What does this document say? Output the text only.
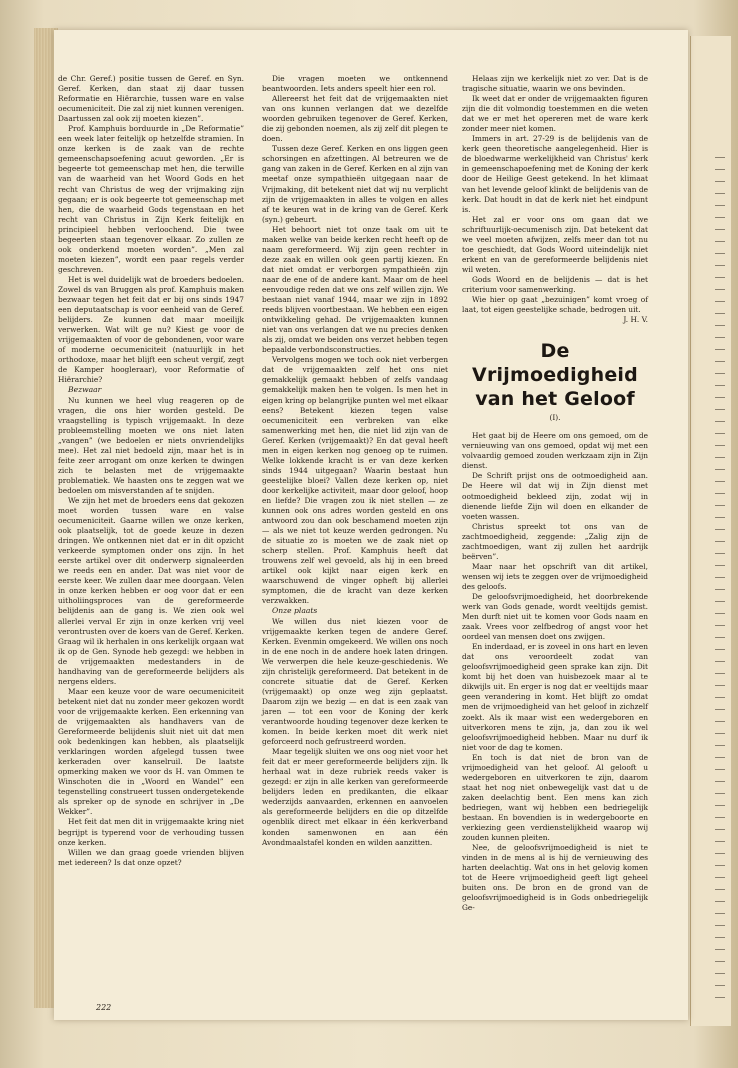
de Chr. Geref.) positie tussen de Geref. en Syn. Geref. Kerken, dan staat zij daar tussen Reformatie en Hiërarchie, tussen ware en valse oecumeniciteit. Die zal zij niet kunnen verenigen. Daartussen zal ook zij moeten kiezen”.

Prof. Kamphuis borduurde in „De Reformatie” een week later feitelijk op hetzelfde stramien. In onze kerken is de zaak van de rechte gemeenschapsoefening acuut geworden. „Er is begeerte tot gemeenschap met hen, die terwille van de waarheid van het Woord Gods en het recht van Christus de weg der vrijmaking zijn gegaan; er is ook begeerte tot gemeenschap met hen, die de waarheid Gods tegenstaan en het recht van Christus in Zijn Kerk feitelijk en principieel hebben verloochend. Die twee begeerten staan tegenover elkaar. Zo zullen ze ook onderkend moeten worden”. „Men zal moeten kiezen”, wordt een paar regels verder geschreven.

Het is wel duidelijk wat de broeders bedoelen. Zowel ds van Bruggen als prof. Kamphuis maken bezwaar tegen het feit dat er bij ons sinds 1947 een deputaatschap is voor eenheid van de Geref. belijders. Ze kunnen dat maar moeilijk verwerken. Wat wilt ge nu? Kiest ge voor de vrijgemaakten of voor de gebondenen, voor ware of moderne oecumeniciteit (natuurlijk in het orthodoxe, maar het blijft een scheut vergif, zegt de Kamper hoogleraar), voor Reformatie of Hiërarchie?

Bezwaar

Nu kunnen we heel vlug reageren op de vragen, die ons hier worden gesteld. De vraagstelling is typisch vrijgemaakt. In deze probleemstelling moeten we ons niet laten „vangen” (we bedoelen er niets onvriendelijks mee). Het zal niet bedoeld zijn, maar het is in feite zeer arrogant om onze kerken te dwingen zich te belasten met de vrijgemaakte problematiek. We haasten ons te zeggen wat we bedoelen om misverstanden af te snijden.

We zijn het met de broeders eens dat gekozen moet worden tussen ware en valse oecumeniciteit. Gaarne willen we onze kerken, ook plaatselijk, tot de goede keuze in dezen dringen. We ontkennen niet dat er in dit opzicht verkeerde symptomen onder ons zijn. In het eerste artikel over dit onderwerp signaleerden we reeds een en ander. Dat was niet voor de eerste keer. We zullen daar mee doorgaan. Velen in onze kerken hebben er oog voor dat er een uitholiingsproces van de gereformeerde belijdenis aan de gang is. We zien ook wel allerlei verval Er zijn in onze kerken vrij veel verontrusten over de koers van de Geref. Kerken. Graag wil ik herhalen in ons kerkelijk orgaan wat ik op de Gen. Synode heb gezegd: we hebben in de vrijgemaakten medestanders in de handhaving van de gereformeerde belijders als nergens elders.

Maar een keuze voor de ware oecumeniciteit betekent niet dat nu zonder meer gekozen wordt voor de vrijgemaakte kerken. Een erkenning van de vrijgemaakten als handhavers van de Gereformeerde belijdenis sluit niet uit dat men ook bedenkingen kan hebben, als plaatselijk verklaringen worden afgelegd tussen twee kerkeraden over kanselruil. De laatste opmerking maken we voor ds H. van Ommen te Winschoten die in „Woord en Wandel” een tegenstelling construeert tussen ondergetekende als spreker op de synode en schrijver in „De Wekker”.

Het feit dat men dit in vrijgemaakte kring niet begrijpt is typerend voor de verhouding tussen onze kerken.

Willen we dan graag goede vrienden blijven met iedereen? Is dat onze opzet?

Die vragen moeten we ontkennend beantwoorden. Iets anders speelt hier een rol.

Allereerst het feit dat de vrijgemaakten niet van ons kunnen verlangen dat we dezelfde woorden gebruiken tegenover de Geref. Kerken, die zij gebonden noemen, als zij zelf dit plegen te doen.

Tussen deze Geref. Kerken en ons liggen geen schorsingen en afzettingen. Al betreuren we de gang van zaken in de Geref. Kerken en al zijn van meetaf onze sympathieën uitgegaan naar de Vrijmaking, dit betekent niet dat wij nu verplicht zijn de vrijgemaakten in alles te volgen en alles af te keuren wat in de kring van de Geref. Kerk (syn.) gebeurt.

Het behoort niet tot onze taak om uit te maken welke van beide kerken recht heeft op de naam gereformeerd. Wij zijn geen rechter in deze zaak en willen ook geen partij kiezen. En dat niet omdat er verborgen sympathieën zijn naar de ene of de andere kant. Maar om de heel eenvoudige reden dat we ons zelf willen zijn. We bestaan niet vanaf 1944, maar we zijn in 1892 reeds blijven voortbestaan. We hebben een eigen ontwikkeling gehad. De vrijgemaakten kunnen niet van ons verlangen dat we nu precies denken als zij, omdat we beiden ons verzet hebben tegen bepaalde verbondsconstructies.

Vervolgens mogen we toch ook niet verbergen dat de vrijgemaakten zelf het ons niet gemakkelijk gemaakt hebben of zelfs vandaag gemakkelijk maken hen te volgen. Is men het in eigen kring op belangrijke punten wel met elkaar eens? Betekent kiezen tegen valse oecumeniciteit een verbreken van elke samenwerking met hen, die niet lid zijn van de Geref. Kerken (vrijgemaakt)? En dat geval heeft men in eigen kerken nog genoeg op te ruimen. Welke lokkende kracht is er van deze kerken sinds 1944 uitgegaan? Waarin bestaat hun geestelijke bloei? Vallen deze kerken op, niet door kerkelijke activiteit, maar door geloof, hoop en liefde? Die vragen zou ik niet stellen — ze kunnen ook ons adres worden gesteld en ons antwoord zou dan ook beschamend moeten zijn — als we niet tot keuze werden gedrongen. Nu de situatie zo is moeten we de zaak niet op scherp stellen. Prof. Kamphuis heeft dat trouwens zelf wel gevoeld, als hij in een breed artikel ook kijkt naar eigen kerk en waarschuwend de vinger opheft bij allerlei symptomen, die de kracht van deze kerken verzwakken.

Onze plaats

We willen dus niet kiezen voor de vrijgemaakte kerken tegen de andere Geref. Kerken. Evenmin omgekeerd. We willen ons noch in de ene noch in de andere hoek laten dringen. We verwerpen die hele keuze-geschiedenis. We zijn christelijk gereformeerd. Dat betekent in de concrete situatie dat de Geref. Kerken (vrijgemaakt) op onze weg zijn geplaatst. Daarom zijn we bezig — en dat is een zaak van jaren — tot een voor de Koning der kerk verantwoorde houding tegenover deze kerken te komen. In beide kerken moet dit werk niet geforceerd noch gefrustreerd worden.

Maar tegelijk sluiten we ons oog niet voor het feit dat er meer gereformeerde belijders zijn. Ik herhaal wat in deze rubriek reeds vaker is gezegd: er zijn in alle kerken van gereformeerde belijders leden en predikanten, die elkaar wederzijds aanvaarden, erkennen en aanvoelen als gereformeerde belijders en die op ditzelfde ogenblik direct met elkaar in één kerkverband konden samenwonen en aan één Avondmaalstafel konden en wilden aanzitten.

Helaas zijn we kerkelijk niet zo ver. Dat is de tragische situatie, waarin we ons bevinden.

Ik weet dat er onder de vrijgemaakten figuren zijn die dit volmondig toestemmen en die weten dat we er met het opereren met de ware kerk zonder meer niet komen.

Immers in art. 27-29 is de belijdenis van de kerk geen theoretische aangelegenheid. Hier is de bloedwarme werkelijkheid van Christus' kerk in gemeenschapoefening met de Koning der kerk door de Heilige Geest getekend. In het klimaat van het levende geloof klinkt de belijdenis van de kerk. Dat houdt in dat de kerk niet het eindpunt is.

Het zal er voor ons om gaan dat we schriftuurlijk-oecumenisch zijn. Dat betekent dat we veel moeten afwijzen, zelfs meer dan tot nu toe geschiedt, dat Gods Woord uiteindelijk niet erkent en van de gereformeerde belijdenis niet wil weten.

Gods Woord en de belijdenis — dat is het criterium voor samenwerking.

Wie hier op gaat „bezuinigen” komt vroeg of laat, tot eigen geestelijke schade, bedrogen uit.

J. H. V.

De Vrijmoedigheid van het Geloof
(I).

Het gaat bij de Heere om ons gemoed, om de vernieuwing van ons gemoed, opdat wij met een volvaardig gemoed zouden werkzaam zijn in Zijn dienst.

De Schrift prijst ons de ootmoedigheid aan. De Heere wil dat wij in Zijn dienst met ootmoedigheid bekleed zijn, zodat wij in dienende liefde Zijn wil doen en elkander de voeten wassen.

Christus spreekt tot ons van de zachtmoedigheid, zeggende: „Zalig zijn de zachtmoedigen, want zij zullen het aardrijk beërven”.

Maar naar het opschrift van dit artikel, wensen wij iets te zeggen over de vrijmoedigheid des geloofs.

De geloofsvrijmoedigheid, het doorbrekende werk van Gods genade, wordt veeltijds gemist. Men durft niet uit te komen voor Gods naam en zaak. Vrees voor zelfbedrog of angst voor het oordeel van mensen doet ons zwijgen.

En inderdaad, er is zoveel in ons hart en leven dat ons veroordeelt zodat van geloofsvrijmoedigheid geen sprake kan zijn. Dit komt bij het doen van huisbezoek maar al te dikwijls uit. En erger is nog dat er veeltijds maar geen verandering in komt. Het blijft zo omdat men de vrijmoedigheid van het geloof in zichzelf zoekt. Als ik maar wist een wedergeboren en uitverkoren mens te zijn, ja, dan zou ik wel geloofsvrijmoedigheid hebben. Maar nu durf ik niet voor de dag te komen.

En toch is dat niet de bron van de vrijmoedigheid van het geloof. Al gelooft u wedergeboren en uitverkoren te zijn, daarom staat het nog niet onbewegelijk vast dat u de zaken deelachtig bent. Een mens kan zich bedriegen, want wij hebben een bedriegelijk bestaan. En bovendien is in wedergeboorte en verkiezing geen verdienstelijkheid waarop wij zouden kunnen pleiten.

Nee, de geloofsvrijmoedigheid is niet te vinden in de mens al is hij de vernieuwing des harten deelachtig. Wat ons in het gelovig komen tot de Heere vrijmoedigheid geeft ligt geheel buiten ons. De bron en de grond van de geloofsvrijmoedigheid is in Gods onbedriegelijk Ge-

222
